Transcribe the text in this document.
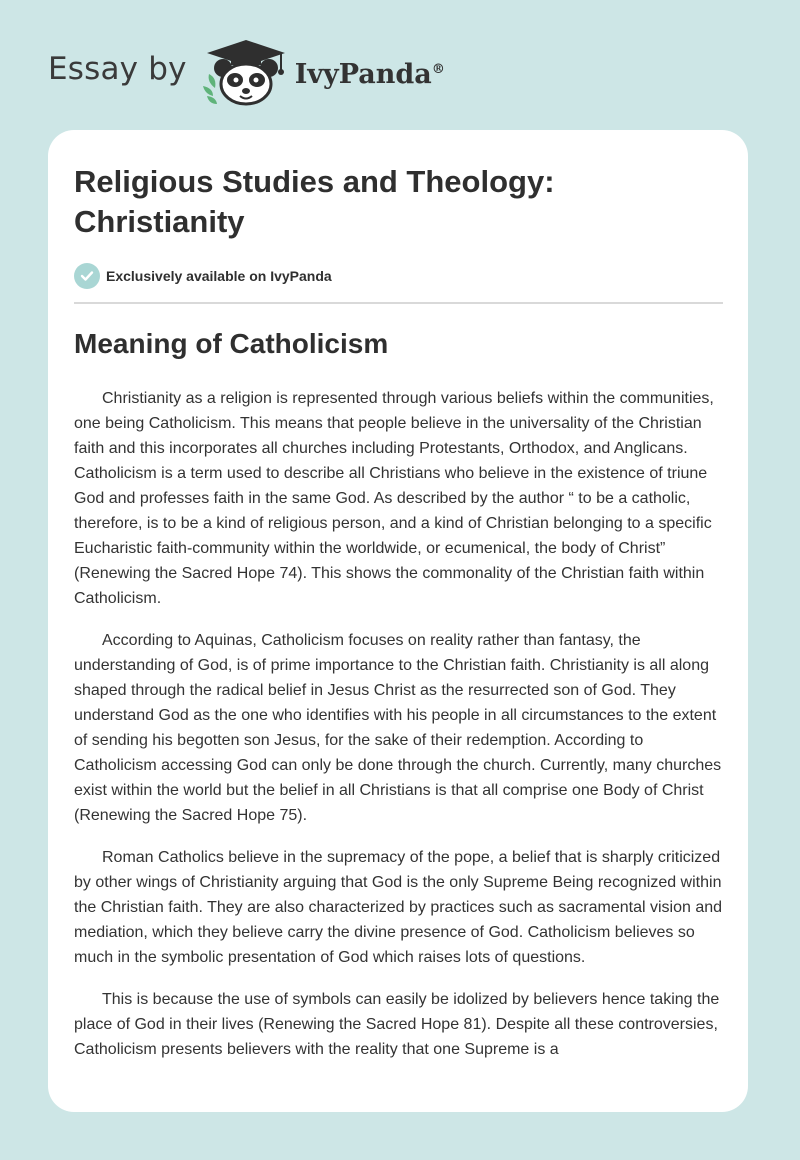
Essay by	IvyPanda®
Religious Studies and Theology: Christianity
Exclusively available on IvyPanda
Meaning of Catholicism

Christianity as a religion is represented through various beliefs within the communities, one being Catholicism. This means that people believe in the universality of the Christian faith and this incorporates all churches including Protestants, Orthodox, and Anglicans. Catholicism is a term used to describe all Christians who believe in the existence of triune God and professes faith in the same God. As described by the author “ to be a catholic, therefore, is to be a kind of religious person, and a kind of Christian belonging to a specific Eucharistic faith-community within the worldwide, or ecumenical, the body of Christ” (Renewing the Sacred Hope 74). This shows the commonality of the Christian faith within Catholicism.

According to Aquinas, Catholicism focuses on reality rather than fantasy, the understanding of God, is of prime importance to the Christian faith. Christianity is all along shaped through the radical belief in Jesus Christ as the resurrected son of God. They understand God as the one who identifies with his people in all circumstances to the extent of sending his begotten son Jesus, for the sake of their redemption. According to Catholicism accessing God can only be done through the church. Currently, many churches exist within the world but the belief in all Christians is that all comprise one Body of Christ (Renewing the Sacred Hope 75).

Roman Catholics believe in the supremacy of the pope, a belief that is sharply criticized by other wings of Christianity arguing that God is the only Supreme Being recognized within the Christian faith. They are also characterized by practices such as sacramental vision and mediation, which they believe carry the divine presence of God. Catholicism believes so much in the symbolic presentation of God which raises lots of questions.

This is because the use of symbols can easily be idolized by believers hence taking the place of God in their lives (Renewing the Sacred Hope 81). Despite all these controversies, Catholicism presents believers with the reality that one Supreme is a
